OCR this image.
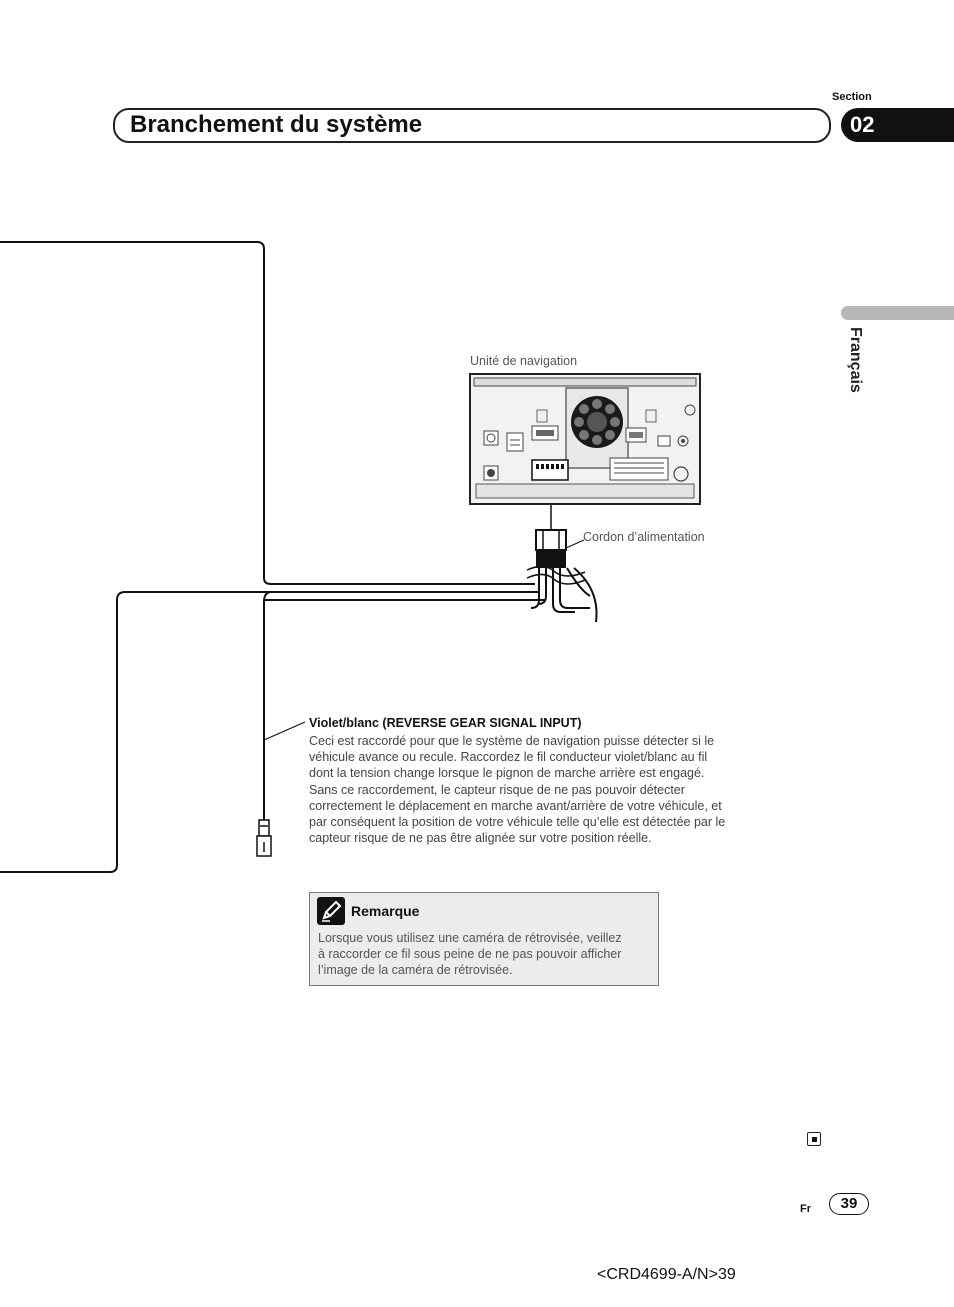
Section
02
Branchement du système
Français
Unité de navigation
Cordon d’alimentation
Violet/blanc (REVERSE GEAR SIGNAL INPUT)
Ceci est raccordé pour que le système de navigation puisse détecter si le
véhicule avance ou recule. Raccordez le fil conducteur violet/blanc au fil
dont la tension change lorsque le pignon de marche arrière est engagé.
Sans ce raccordement, le capteur risque de ne pas pouvoir détecter
correctement le déplacement en marche avant/arrière de votre véhicule, et
par conséquent la position de votre véhicule telle qu’elle est détectée par le
capteur risque de ne pas être alignée sur votre position réelle.
Remarque
Lorsque vous utilisez une caméra de rétrovisée, veillez
à raccorder ce fil sous peine de ne pas pouvoir afficher
l’image de la caméra de rétrovisée.
Fr	39
<CRD4699-A/N>39
